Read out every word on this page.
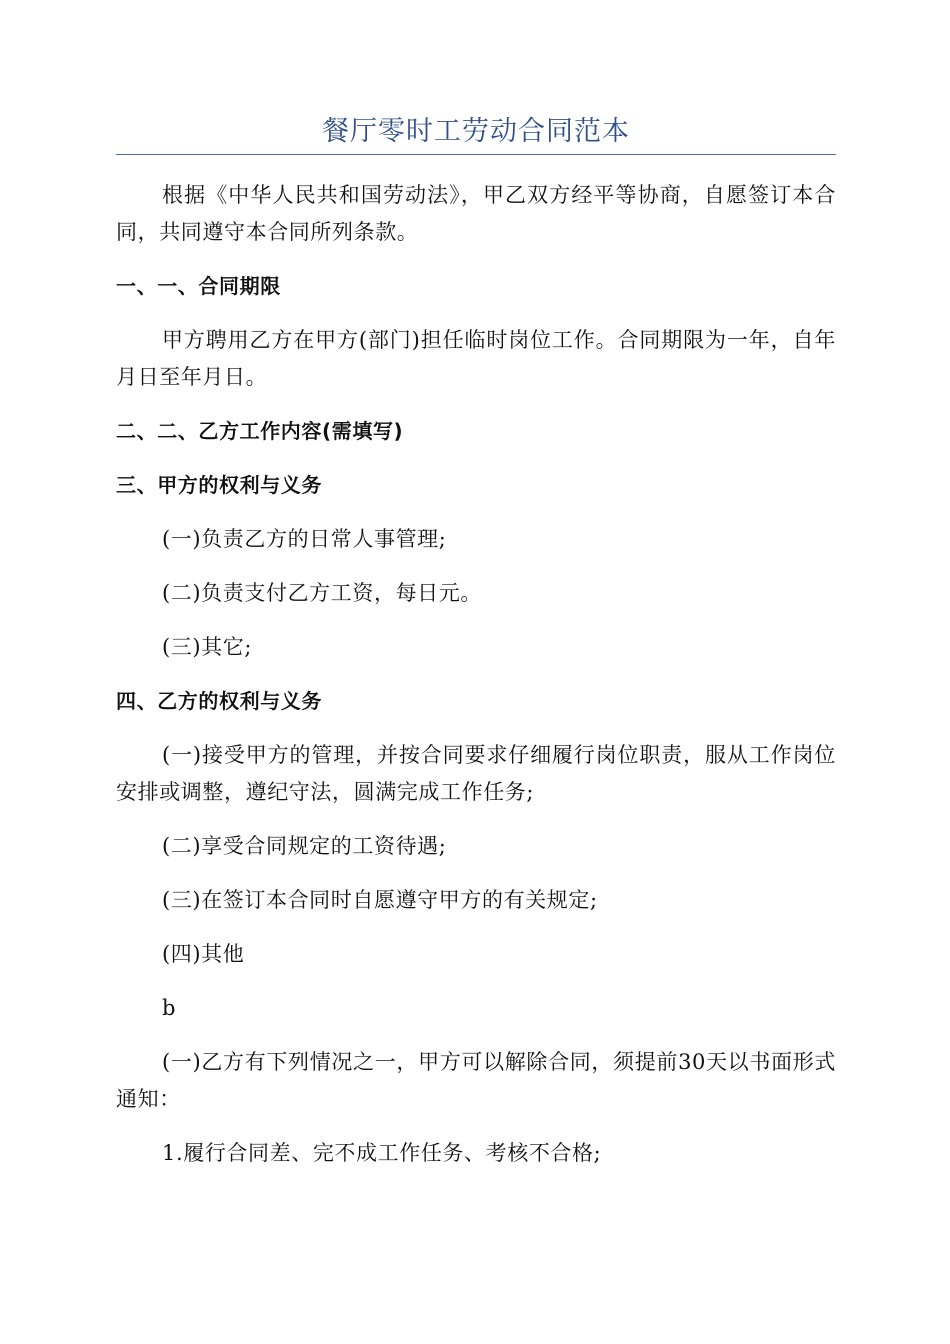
餐厅零时工劳动合同范本

根据《中华人民共和国劳动法》，甲乙双方经平等协商，自愿签订本合同，共同遵守本合同所列条款。

一、一、合同期限

甲方聘用乙方在甲方(部门)担任临时岗位工作。合同期限为一年，自年月日至年月日。

二、二、乙方工作内容(需填写)
三、甲方的权利与义务

(一)负责乙方的日常人事管理;

(二)负责支付乙方工资，每日元。

(三)其它;

四、乙方的权利与义务

(一)接受甲方的管理，并按合同要求仔细履行岗位职责，服从工作岗位安排或调整，遵纪守法，圆满完成工作任务;

(二)享受合同规定的工资待遇;

(三)在签订本合同时自愿遵守甲方的有关规定;

(四)其他

b

(一)乙方有下列情况之一，甲方可以解除合同，须提前30天以书面形式通知：

1.履行合同差、完不成工作任务、考核不合格;
